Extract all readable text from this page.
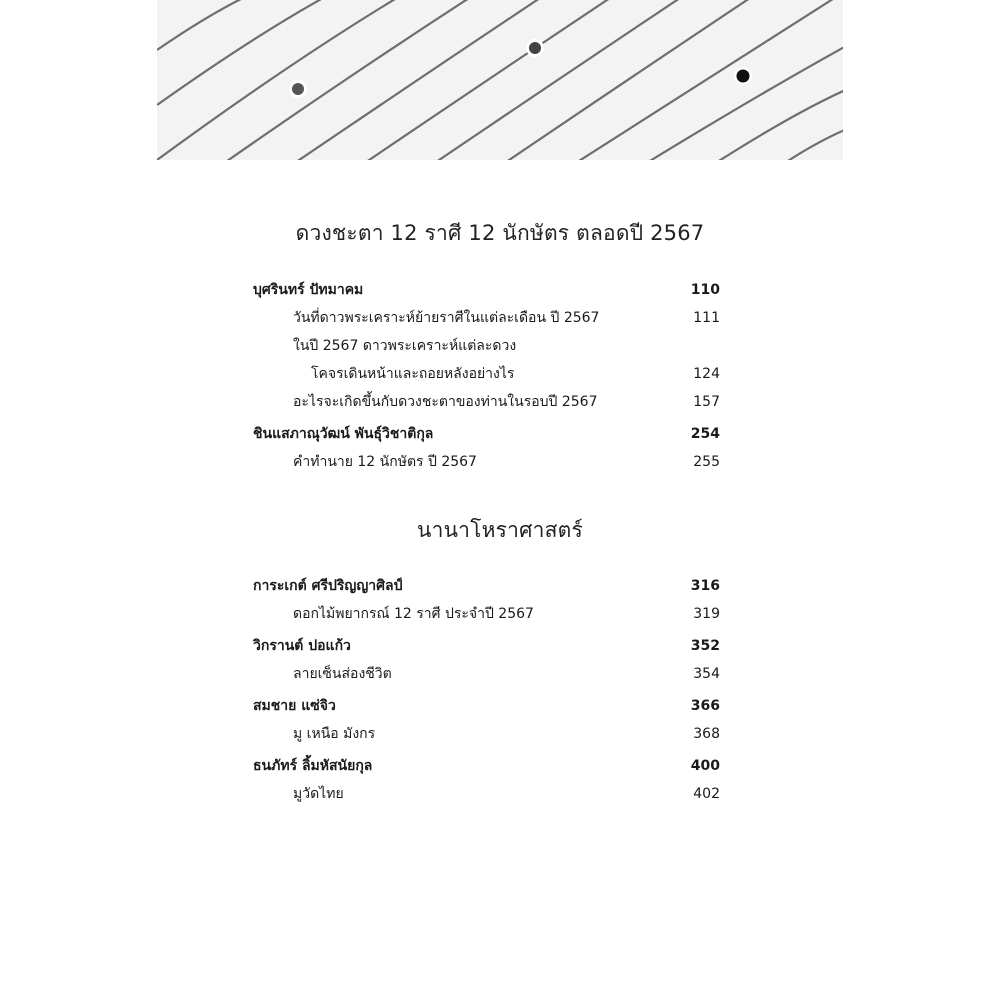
ดวงชะตา 12 ราศี 12 นักษัตร ตลอดปี 2567
บุศรินทร์ ปัทมาคม	110
วันที่ดาวพระเคราะห์ย้ายราศีในแต่ละเดือน ปี 2567	111
ในปี 2567 ดาวพระเคราะห์แต่ละดวง
โคจรเดินหน้าและถอยหลังอย่างไร	124
อะไรจะเกิดขึ้นกับดวงชะตาของท่านในรอบปี 2567	157
ชินแสภาณุวัฒน์ พันธุ์วิชาติกุล	254
คำทำนาย 12 นักษัตร ปี 2567	255
นานาโหราศาสตร์
การะเกต์ ศรีปริญญาศิลป์	316
ดอกไม้พยากรณ์ 12 ราศี ประจำปี 2567	319
วิกรานต์ ปอแก้ว	352
ลายเซ็นส่องชีวิต	354
สมชาย แซ่จิว	366
มู เหนือ มังกร	368
ธนภัทร์ ลิ้มหัสนัยกุล	400
มูวัดไทย	402
